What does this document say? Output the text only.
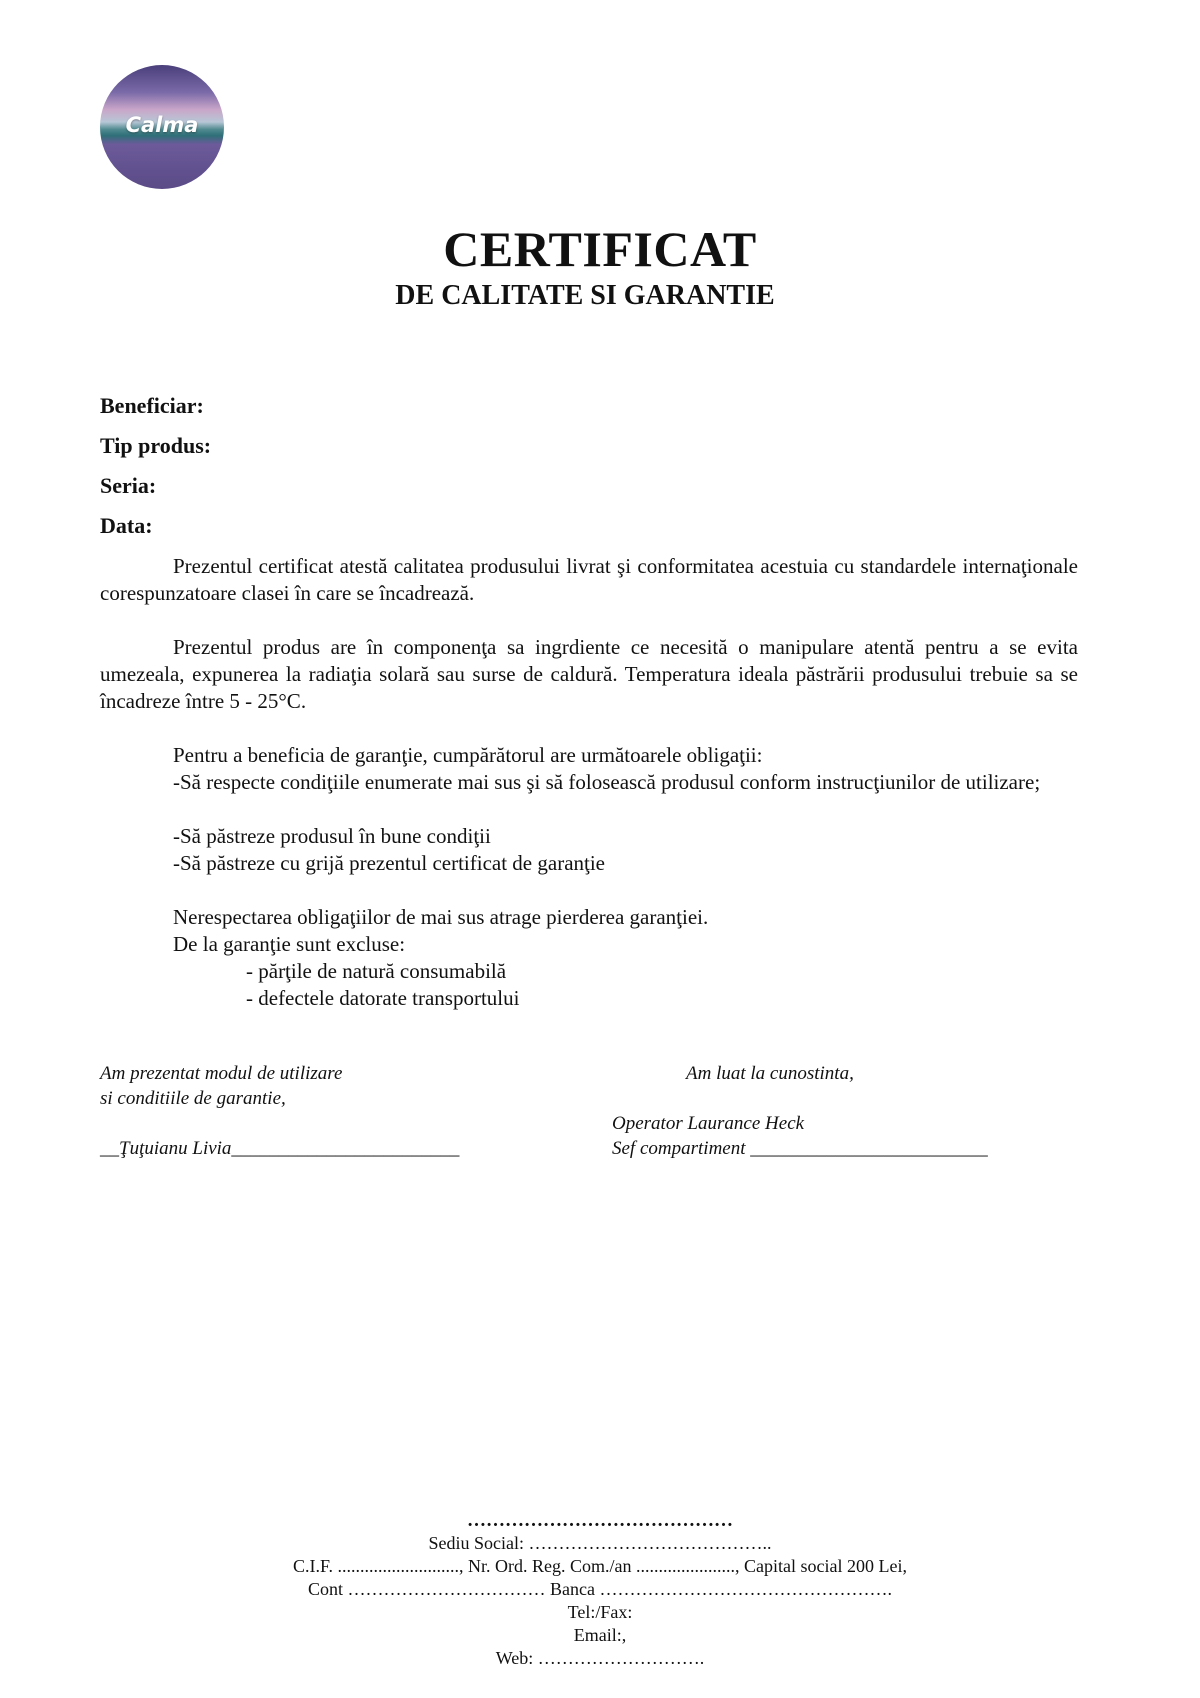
Calma
CERTIFICAT
DE CALITATE SI GARANTIE
Beneficiar:
Tip produs:
Seria:
Data:
Prezentul certificat atestă calitatea produsului livrat şi conformitatea acestuia cu standardele internaţionale corespunzatoare clasei în care se încadrează.
Prezentul produs are în componenţa sa ingrdiente ce necesită o manipulare atentă pentru a se evita umezeala, expunerea la radiaţia solară sau surse de caldură. Temperatura ideala păstrării produsului trebuie sa se încadreze între 5 - 25°C.
Pentru a beneficia de garanţie, cumpărătorul are următoarele obligaţii:
-Să respecte condiţiile enumerate mai sus şi să folosească produsul conform instrucţiunilor de utilizare;
-Să păstreze produsul în bune condiţii
-Să păstreze cu grijă prezentul certificat de garanţie
Nerespectarea obligaţiilor de mai sus atrage pierderea garanţiei.
De la garanţie sunt excluse:
- părţile de natură consumabilă
- defectele datorate transportului
Am prezentat modul de utilizare
si conditiile de garantie,
__Ţuţuianu Livia________________________
Am luat la cunostinta,
Operator Laurance Heck
Sef compartiment _________________________
……………………………………
Sediu Social: …………………………………..
C.I.F. ..........................., Nr. Ord. Reg. Com./an ......................, Capital social 200 Lei,
Cont …………………………… Banca ………………………………………….
Tel:/Fax:
Email:,
Web: ……………………….
